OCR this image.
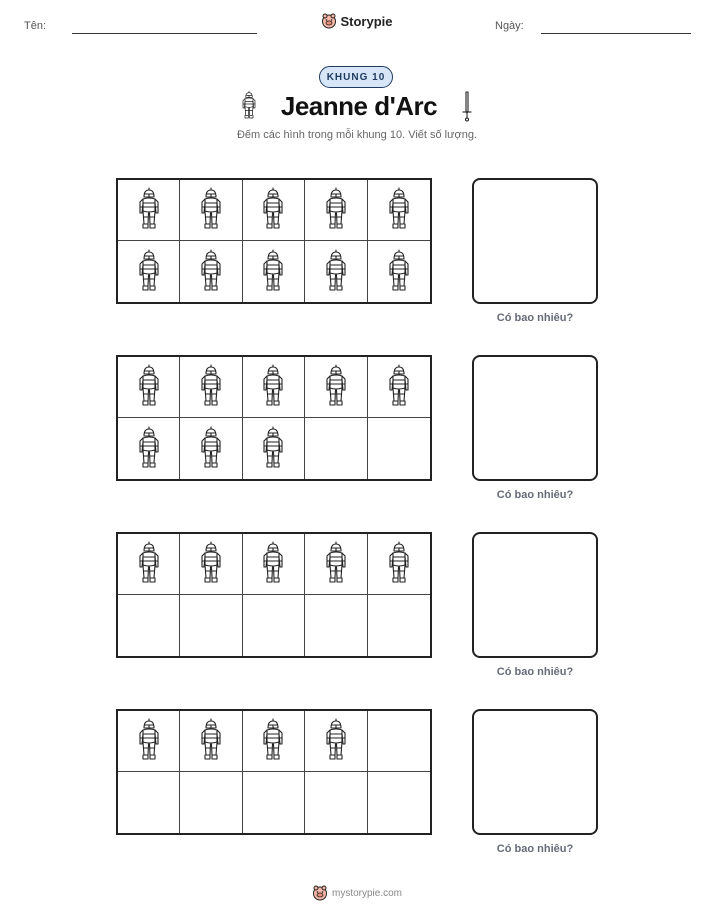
Tên:	Storypie	Ngày:
KHUNG 10
Jeanne d'Arc
Đếm các hình trong mỗi khung 10. Viết số lượng.
Có bao nhiêu?
Có bao nhiêu?
Có bao nhiêu?
Có bao nhiêu?
mystorypie.com
